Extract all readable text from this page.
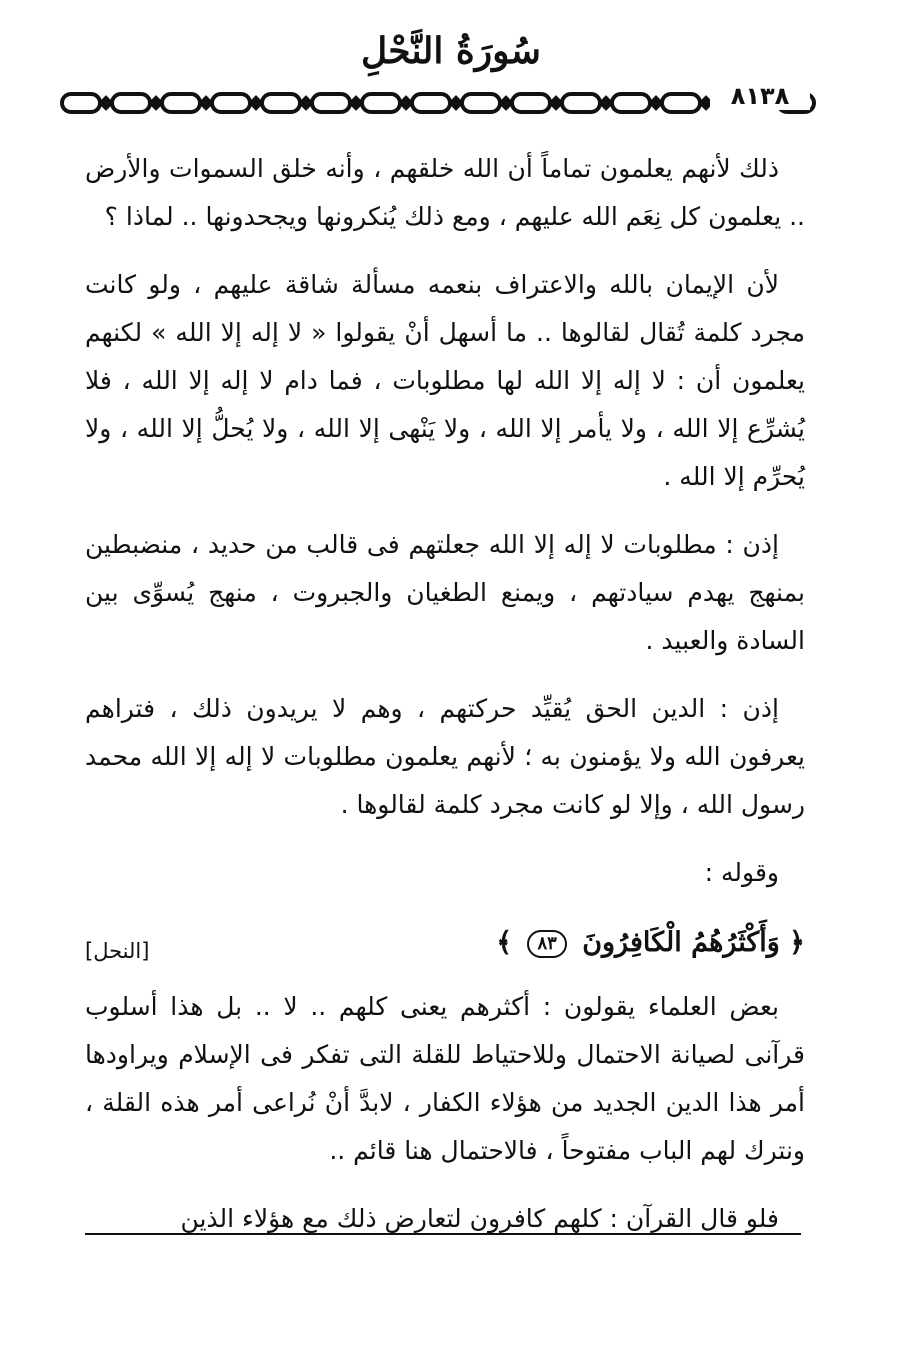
سُورَةُ النَّحْلِ
٨١٣٨

ذلك لأنهم يعلمون تماماً أن الله خلقهم ، وأنه خلق السموات والأرض .. يعلمون كل نِعَم الله عليهم ، ومع ذلك يُنكرونها ويجحدونها .. لماذا ؟

لأن الإيمان بالله والاعتراف بنعمه مسألة شاقة عليهم ، ولو كانت مجرد كلمة تُقال لقالوها .. ما أسهل أنْ يقولوا « لا إله إلا الله » لكنهم يعلمون أن : لا إله إلا الله لها مطلوبات ، فما دام لا إله إلا الله ، فلا يُشرِّع إلا الله ، ولا يأمر إلا الله ، ولا يَنْهى إلا الله ، ولا يُحلُّ إلا الله ، ولا يُحرِّم إلا الله .

إذن : مطلوبات لا إله إلا الله جعلتهم فى قالب من حديد ، منضبطين بمنهج يهدم سيادتهم ، ويمنع الطغيان والجبروت ، منهج يُسوِّى بين السادة والعبيد .

إذن : الدين الحق يُقيِّد حركتهم ، وهم لا يريدون ذلك ، فتراهم يعرفون الله ولا يؤمنون به ؛ لأنهم يعلمون مطلوبات لا إله إلا الله محمد رسول الله ، وإلا لو كانت مجرد كلمة لقالوها .

وقوله :

﴿ وَأَكْثَرُهُمُ الْكَافِرُونَ ٨٣ ﴾
[النحل]

بعض العلماء يقولون : أكثرهم يعنى كلهم .. لا .. بل هذا أسلوب قرآنى لصيانة الاحتمال وللاحتياط للقلة التى تفكر فى الإسلام ويراودها أمر هذا الدين الجديد من هؤلاء الكفار ، لابدَّ أنْ نُراعى أمر هذه القلة ، ونترك لهم الباب مفتوحاً ، فالاحتمال هنا قائم ..

فلو قال القرآن : كلهم كافرون لتعارض ذلك مع هؤلاء الذين
